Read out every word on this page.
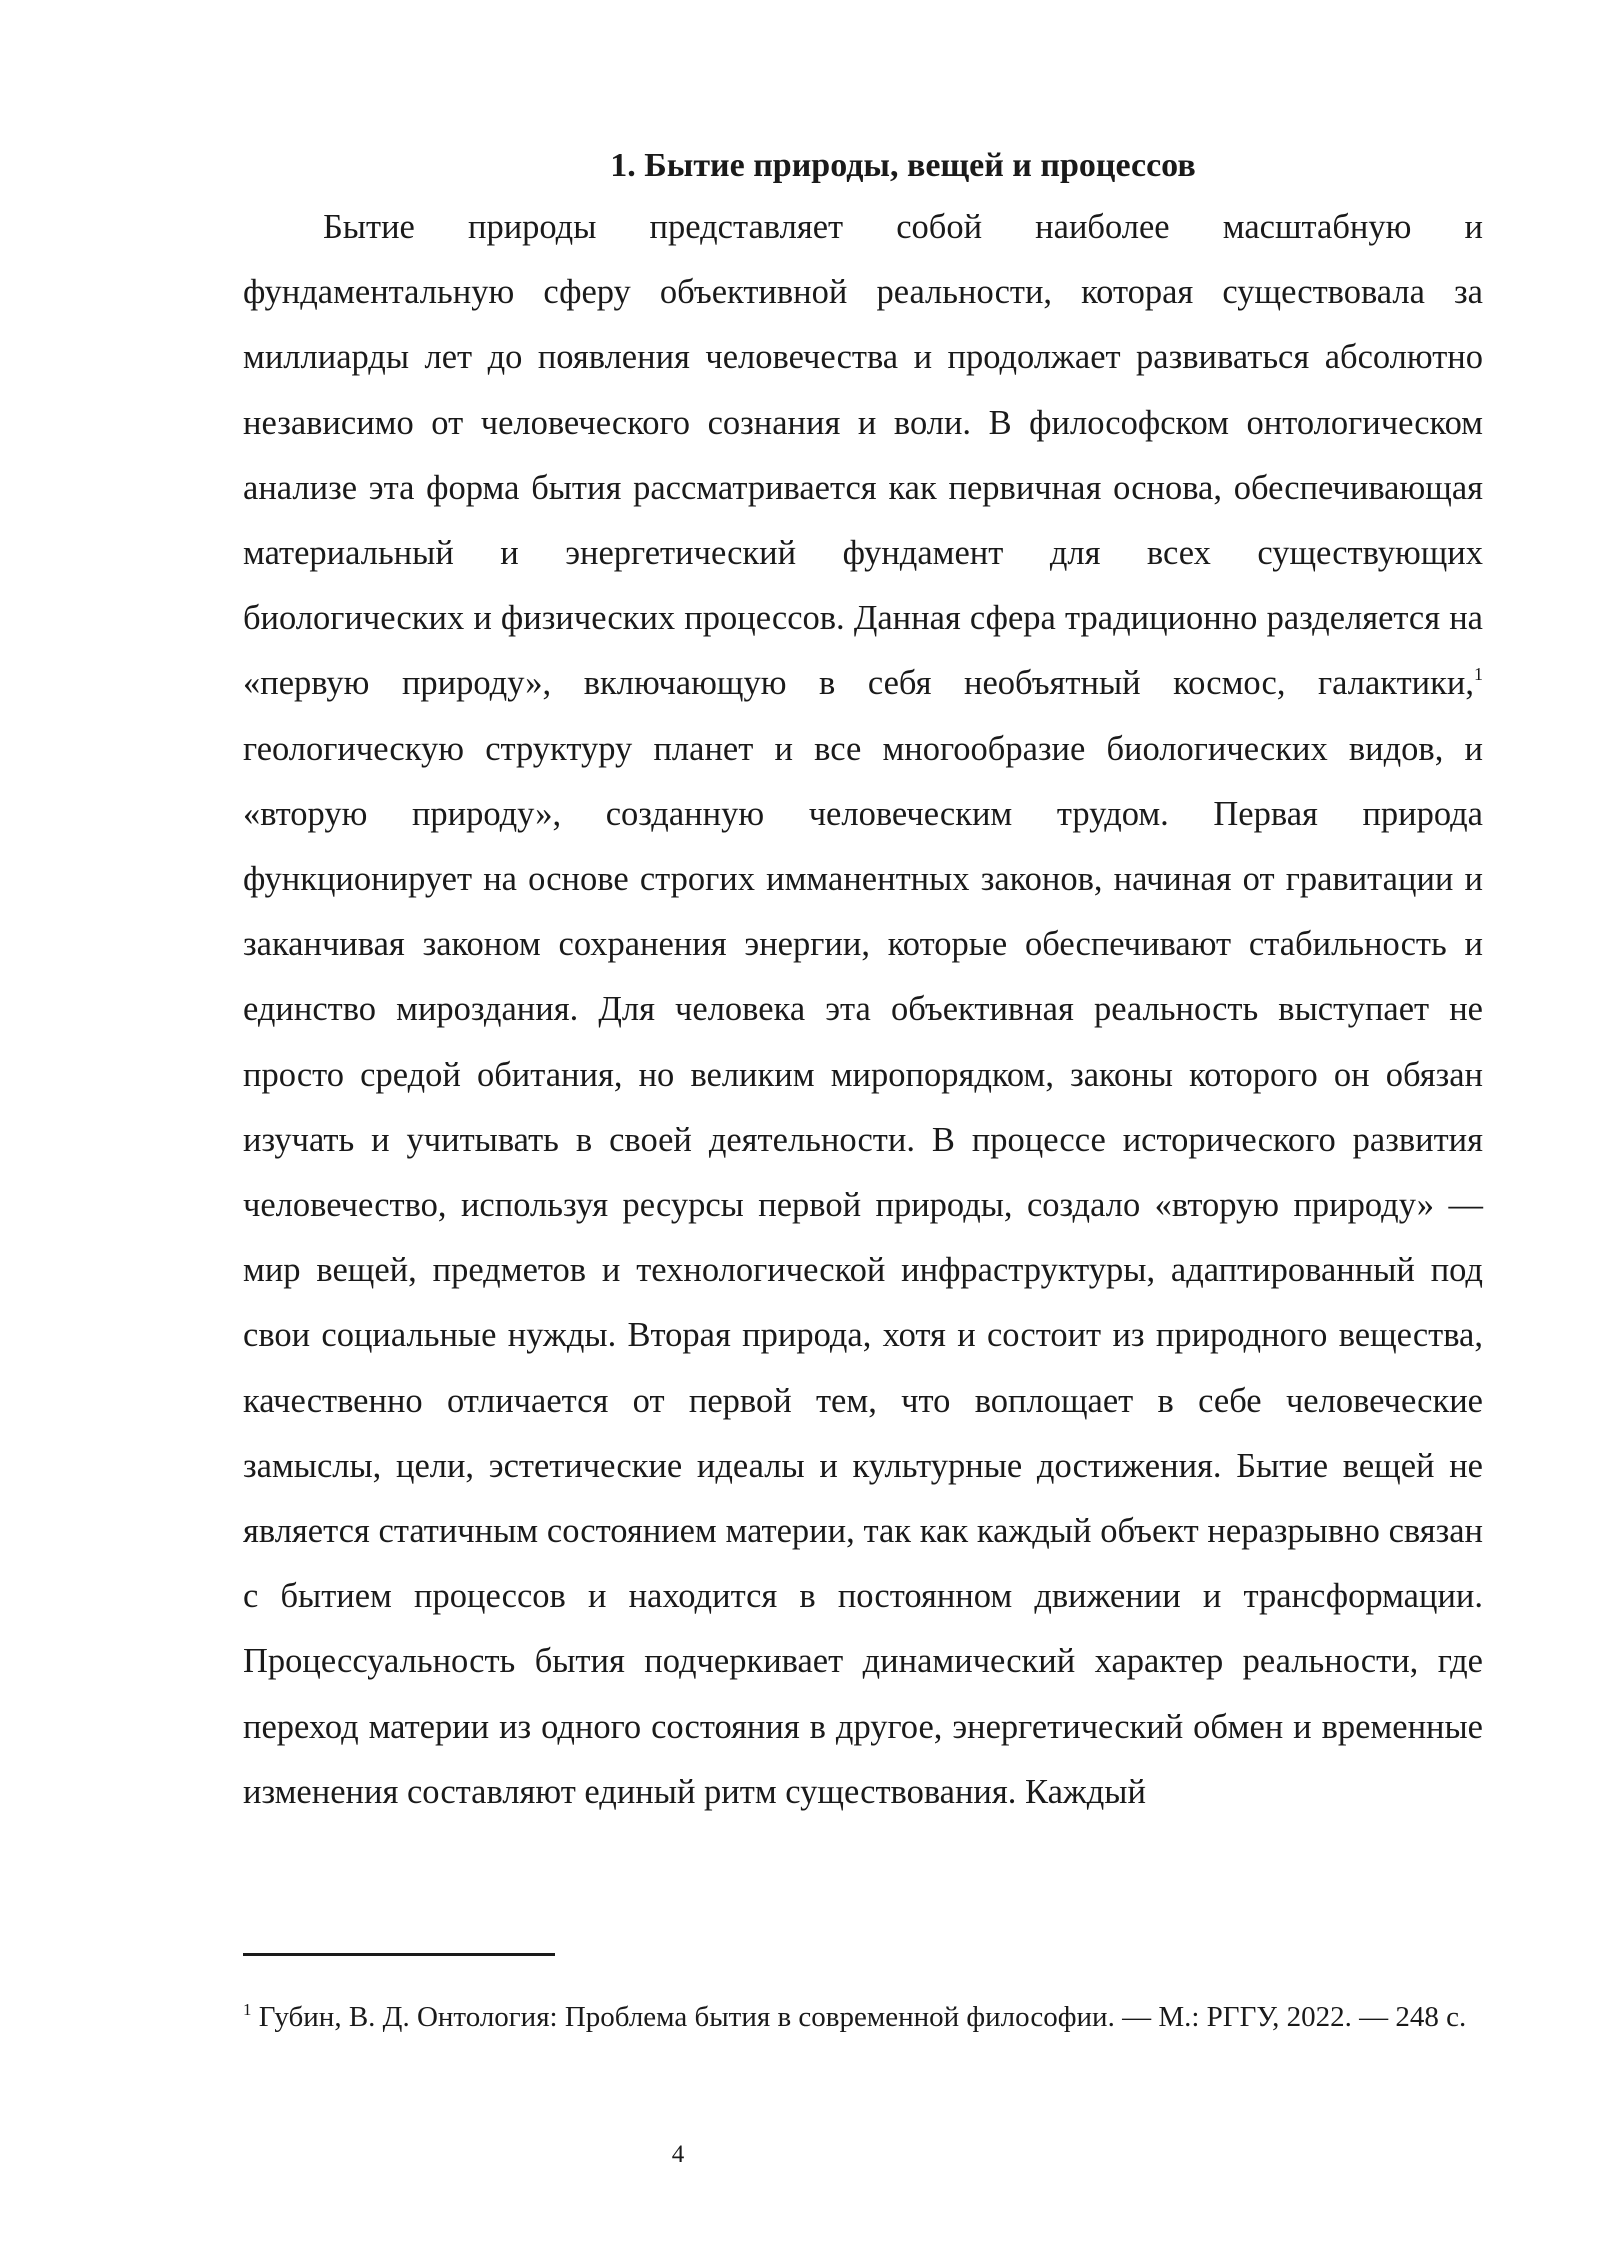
1. Бытие природы, вещей и процессов

Бытие природы представляет собой наиболее масштабную и фундаментальную сферу объективной реальности, которая существовала за миллиарды лет до появления человечества и продолжает развиваться абсолютно независимо от человеческого сознания и воли. В философском онтологическом анализе эта форма бытия рассматривается как первичная основа, обеспечивающая материальный и энергетический фундамент для всех существующих биологических и физических процессов. Данная сфера традиционно разделяется на «первую природу», включающую в себя необъятный космос, галактики,$^1$ геологическую структуру планет и все многообразие биологических видов, и «вторую природу», созданную человеческим трудом. Первая природа функционирует на основе строгих имманентных законов, начиная от гравитации и заканчивая законом сохранения энергии, которые обеспечивают стабильность и единство мироздания. Для человека эта объективная реальность выступает не просто средой обитания, но великим миропорядком, законы которого он обязан изучать и учитывать в своей деятельности. В процессе исторического развития человечество, используя ресурсы первой природы, создало «вторую природу» — мир вещей, предметов и технологической инфраструктуры, адаптированный под свои социальные нужды. Вторая природа, хотя и состоит из природного вещества, качественно отличается от первой тем, что воплощает в себе человеческие замыслы, цели, эстетические идеалы и культурные достижения. Бытие вещей не является статичным состоянием материи, так как каждый объект неразрывно связан с бытием процессов и находится в постоянном движении и трансформации. Процессуальность бытия подчеркивает динамический характер реальности, где переход материи из одного состояния в другое, энергетический обмен и временные изменения составляют единый ритм существования. Каждый

$^1$ Губин, В. Д. Онтология: Проблема бытия в современной философии. — М.: РГГУ, 2022. — 248 с.

4
